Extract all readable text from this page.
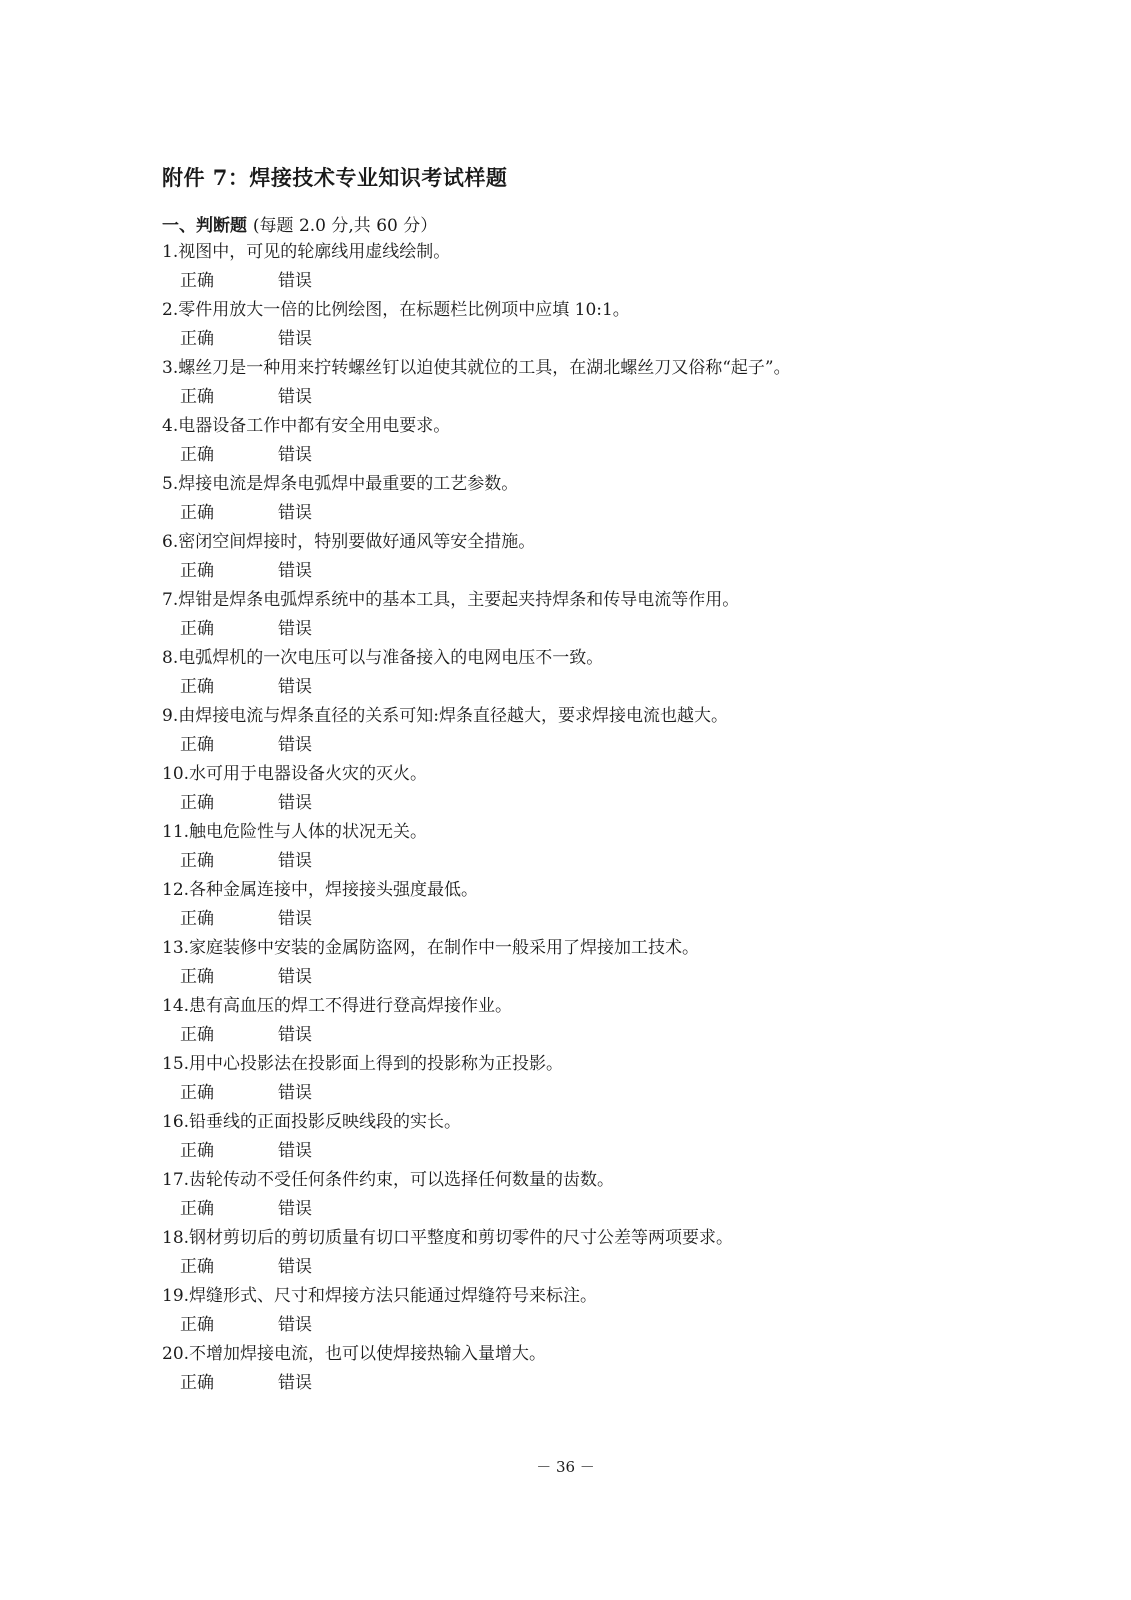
附件 7：焊接技术专业知识考试样题
一、判断题 (每题 2.0 分,共 60 分）
1.视图中，可见的轮廓线用虚线绘制。
正确	错误
2.零件用放大一倍的比例绘图，在标题栏比例项中应填 10:1。
正确	错误
3.螺丝刀是一种用来拧转螺丝钉以迫使其就位的工具，在湖北螺丝刀又俗称“起子”。
正确	错误
4.电器设备工作中都有安全用电要求。
正确	错误
5.焊接电流是焊条电弧焊中最重要的工艺参数。
正确	错误
6.密闭空间焊接时，特别要做好通风等安全措施。
正确	错误
7.焊钳是焊条电弧焊系统中的基本工具，主要起夹持焊条和传导电流等作用。
正确	错误
8.电弧焊机的一次电压可以与准备接入的电网电压不一致。
正确	错误
9.由焊接电流与焊条直径的关系可知:焊条直径越大，要求焊接电流也越大。
正确	错误
10.水可用于电器设备火灾的灭火。
正确	错误
11.触电危险性与人体的状况无关。
正确	错误
12.各种金属连接中，焊接接头强度最低。
正确	错误
13.家庭装修中安装的金属防盗网，在制作中一般采用了焊接加工技术。
正确	错误
14.患有高血压的焊工不得进行登高焊接作业。
正确	错误
15.用中心投影法在投影面上得到的投影称为正投影。
正确	错误
16.铅垂线的正面投影反映线段的实长。
正确	错误
17.齿轮传动不受任何条件约束，可以选择任何数量的齿数。
正确	错误
18.钢材剪切后的剪切质量有切口平整度和剪切零件的尺寸公差等两项要求。
正确	错误
19.焊缝形式、尺寸和焊接方法只能通过焊缝符号来标注。
正确	错误
20.不增加焊接电流，也可以使焊接热输入量增大。
正确	错误
－ 36 －
